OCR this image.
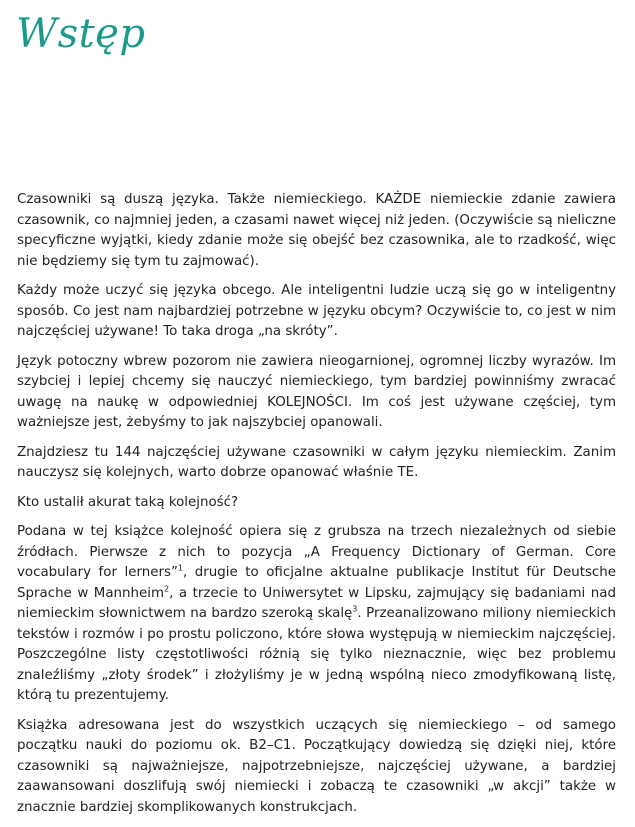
Wstęp

Czasowniki są duszą języka. Także niemieckiego. KAŻDE niemieckie zdanie zawiera czasownik, co najmniej jeden, a czasami nawet więcej niż jeden. (Oczywiście są nieliczne specyficzne wyjątki, kiedy zdanie może się obejść bez czasownika, ale to rzadkość, więc nie będziemy się tym tu zajmować).

Każdy może uczyć się języka obcego. Ale inteligentni ludzie uczą się go w inteligentny sposób. Co jest nam najbardziej potrzebne w języku obcym? Oczywiście to, co jest w nim najczęściej używane! To taka droga „na skróty”.

Język potoczny wbrew pozorom nie zawiera nieogarnionej, ogromnej liczby wyrazów. Im szybciej i lepiej chcemy się nauczyć niemieckiego, tym bardziej powinniśmy zwracać uwagę na naukę w odpowiedniej KOLEJNOŚCI. Im coś jest używane częściej, tym ważniejsze jest, żebyśmy to jak najszybciej opanowali.

Znajdziesz tu 144 najczęściej używane czasowniki w całym języku niemieckim. Zanim nauczysz się kolejnych, warto dobrze opanować właśnie TE.

Kto ustalił akurat taką kolejność?

Podana w tej książce kolejność opiera się z grubsza na trzech niezależnych od siebie źródłach. Pierwsze z nich to pozycja „A Frequency Dictionary of German. Core vocabulary for lerners”$^1$, drugie to oficjalne aktualne publikacje Institut für Deutsche Sprache w Mannheim$^2$, a trzecie to Uniwersytet w Lipsku, zajmujący się badaniami nad niemieckim słownictwem na bardzo szeroką skalę$^3$. Przeanalizowano miliony niemieckich tekstów i rozmów i po prostu policzono, które słowa występują w niemieckim najczęściej. Poszczególne listy częstotliwości różnią się tylko nieznacznie, więc bez problemu znaleźliśmy „złoty środek” i złożyliśmy je w jedną wspólną nieco zmodyfikowaną listę, którą tu prezentujemy.

Książka adresowana jest do wszystkich uczących się niemieckiego – od samego początku nauki do poziomu ok. B2–C1. Początkujący dowiedzą się dzięki niej, które czasowniki są najważniejsze, najpotrzebniejsze, najczęściej używane, a bardziej zaawansowani doszlifują swój niemiecki i zobaczą te czasowniki „w akcji” także w znacznie bardziej skomplikowanych konstrukcjach.
